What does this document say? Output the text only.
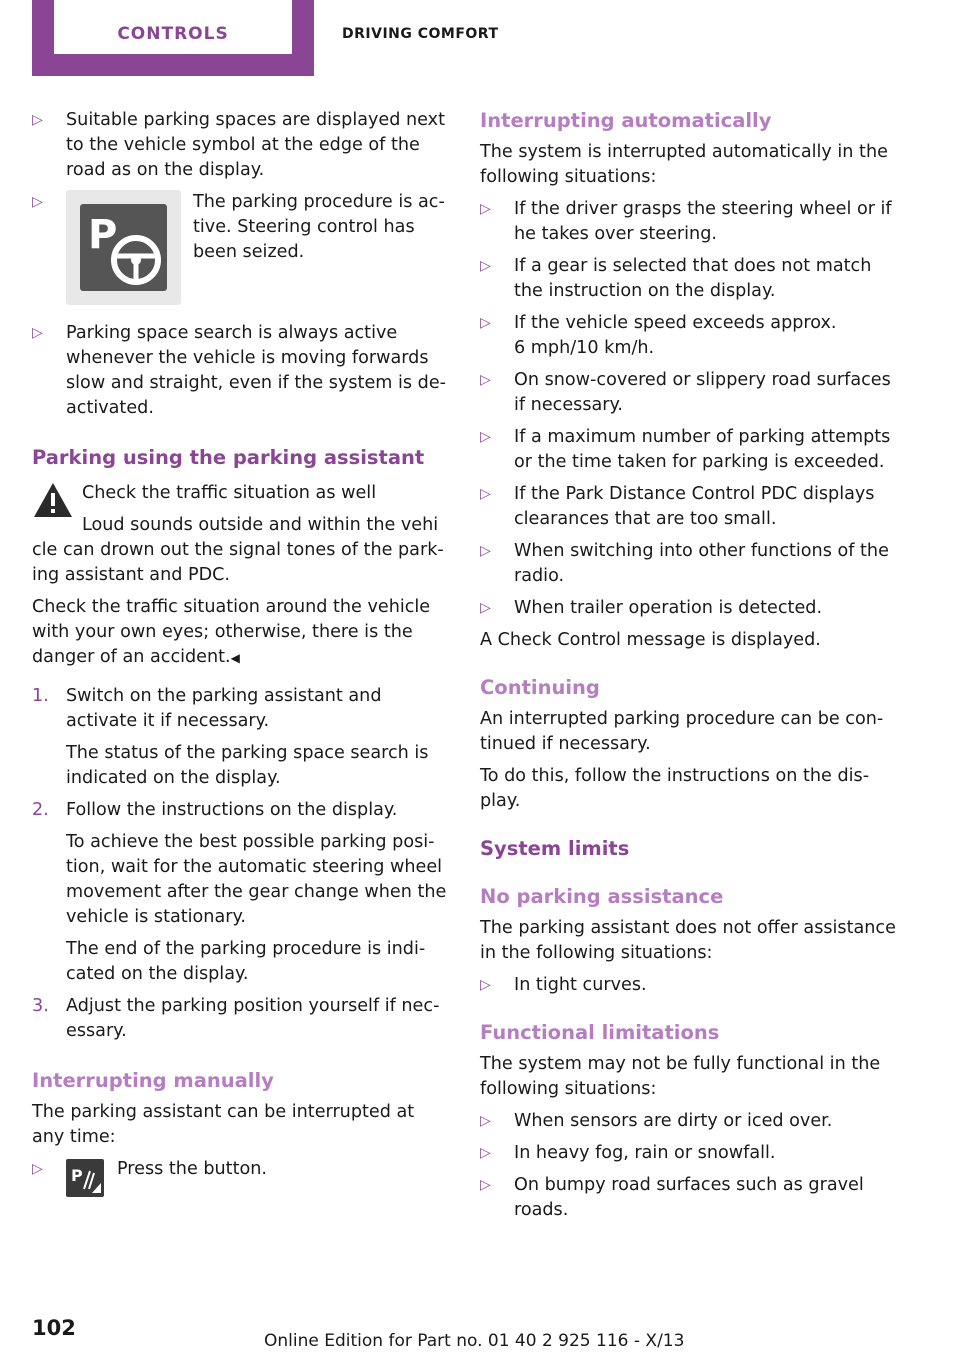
CONTROLS	DRIVING COMFORT
▷ Suitable parking spaces are displayed next to the vehicle symbol at the edge of the road as on the display.
▷
P
The parking procedure is active. Steering control has been seized.
▷ Parking space search is always active whenever the vehicle is moving forwards slow and straight, even if the system is deactivated.
Parking using the parking assistant

Check the traffic situation as well

Loud sounds outside and within the vehi

cle can drown out the signal tones of the parking assistant and PDC.

Check the traffic situation around the vehicle with your own eyes; otherwise, there is the danger of an accident.◀

1. Switch on the parking assistant and activate it if necessary.
The status of the parking space search is indicated on the display.
2. Follow the instructions on the display.
To achieve the best possible parking position, wait for the automatic steering wheel movement after the gear change when the vehicle is stationary.
The end of the parking procedure is indicated on the display.
3. Adjust the parking position yourself if necessary.
Interrupting manually

The parking assistant can be interrupted at any time:

▷ P	Press the button.
Interrupting automatically

The system is interrupted automatically in the following situations:

▷ If the driver grasps the steering wheel or if he takes over steering.
▷ If a gear is selected that does not match the instruction on the display.
▷ If the vehicle speed exceeds approx.
6 mph/10 km/h.
▷ On snow-covered or slippery road surfaces if necessary.
▷ If a maximum number of parking attempts or the time taken for parking is exceeded.
▷ If the Park Distance Control PDC displays clearances that are too small.
▷ When switching into other functions of the radio.
▷ When trailer operation is detected.

A Check Control message is displayed.

Continuing

An interrupted parking procedure can be continued if necessary.

To do this, follow the instructions on the display.

System limits
No parking assistance

The parking assistant does not offer assistance in the following situations:

▷ In tight curves.
Functional limitations

The system may not be fully functional in the following situations:

▷ When sensors are dirty or iced over.
▷ In heavy fog, rain or snowfall.
▷ On bumpy road surfaces such as gravel roads.
102
Online Edition for Part no. 01 40 2 925 116 - X/13
